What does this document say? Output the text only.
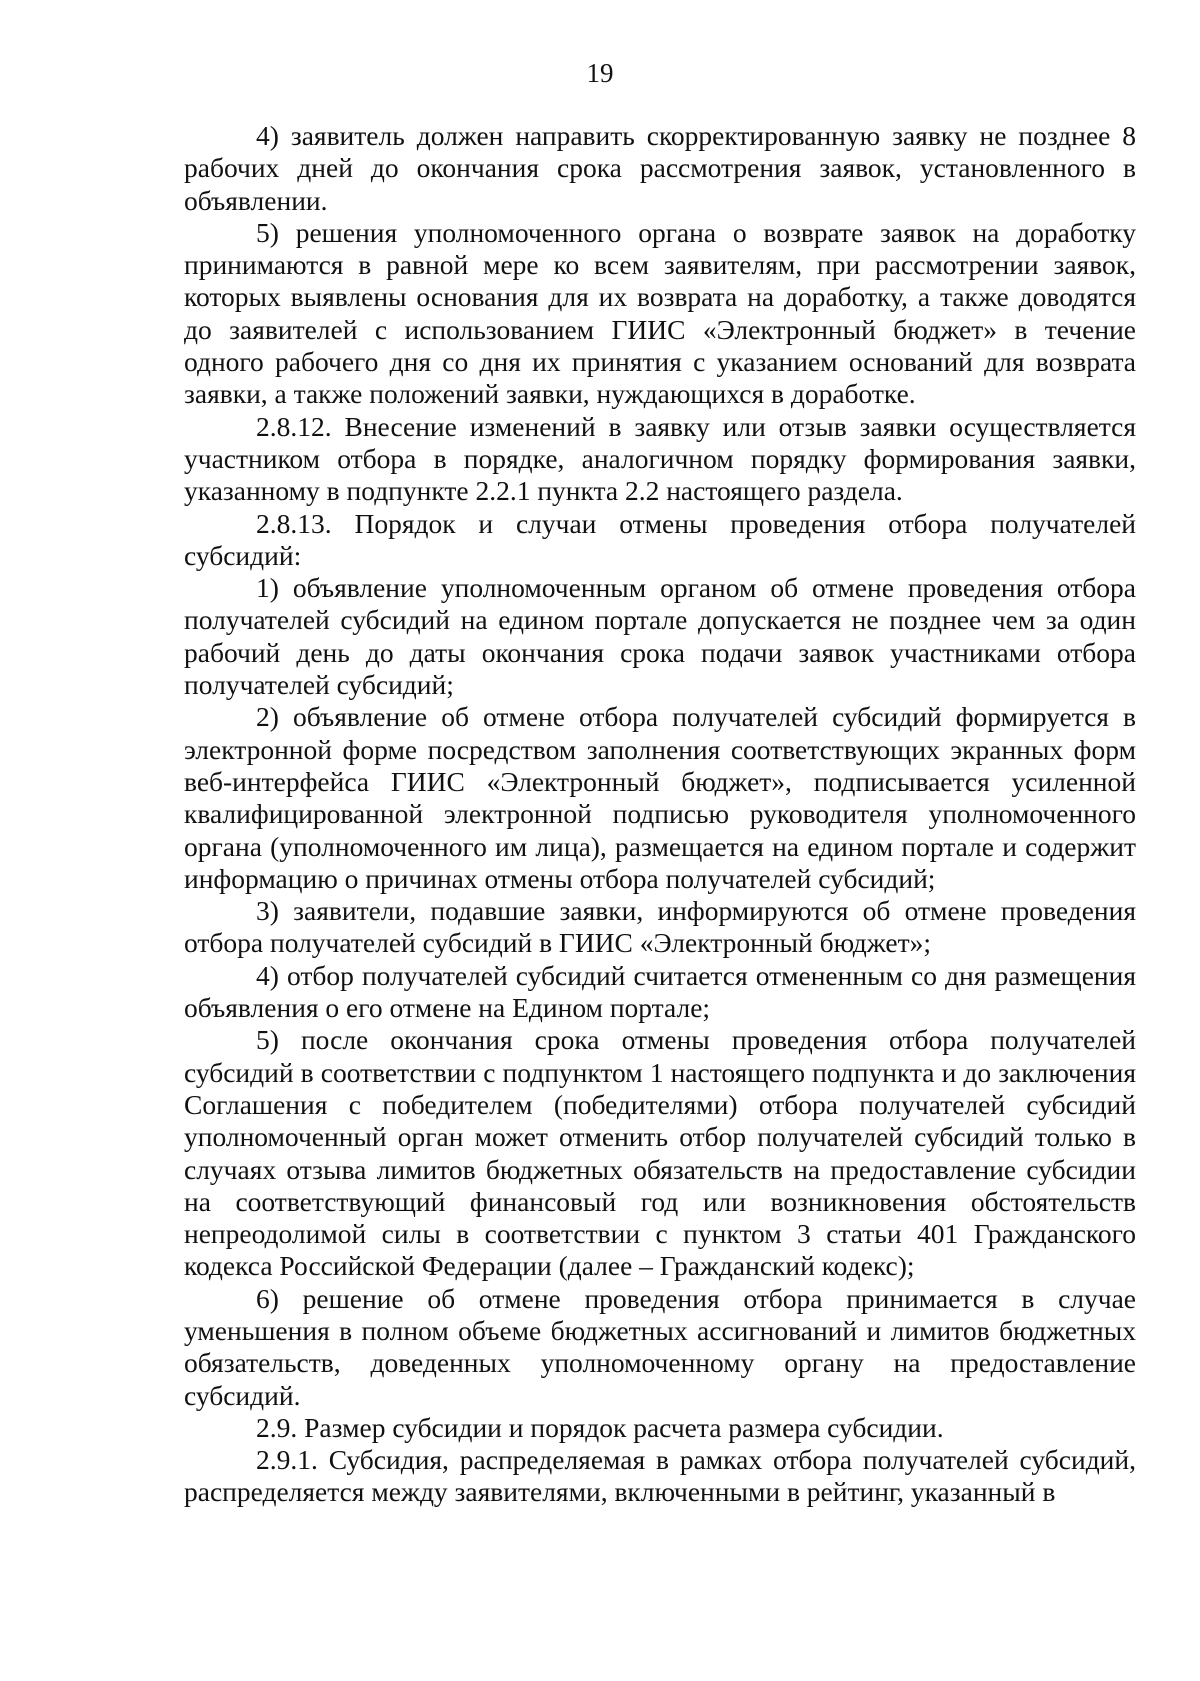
19

4) заявитель должен направить скорректированную заявку не позднее 8 рабочих дней до окончания срока рассмотрения заявок, установленного в объявлении.

5) решения уполномоченного органа о возврате заявок на доработку принимаются в равной мере ко всем заявителям, при рассмотрении заявок, которых выявлены основания для их возврата на доработку, а также доводятся до заявителей с использованием ГИИС «Электронный бюджет» в течение одного рабочего дня со дня их принятия с указанием оснований для возврата заявки, а также положений заявки, нуждающихся в доработке.

2.8.12. Внесение изменений в заявку или отзыв заявки осуществляется участником отбора в порядке, аналогичном порядку формирования заявки, указанному в подпункте 2.2.1 пункта 2.2 настоящего раздела.

2.8.13. Порядок и случаи отмены проведения отбора получателей субсидий:

1) объявление уполномоченным органом об отмене проведения отбора получателей субсидий на едином портале допускается не позднее чем за один рабочий день до даты окончания срока подачи заявок участниками отбора получателей субсидий;

2) объявление об отмене отбора получателей субсидий формируется в электронной форме посредством заполнения соответствующих экранных форм веб-интерфейса ГИИС «Электронный бюджет», подписывается усиленной квалифицированной электронной подписью руководителя уполномоченного органа (уполномоченного им лица), размещается на едином портале и содержит информацию о причинах отмены отбора получателей субсидий;

3) заявители, подавшие заявки, информируются об отмене проведения отбора получателей субсидий в ГИИС «Электронный бюджет»;

4) отбор получателей субсидий считается отмененным со дня размещения объявления о его отмене на Едином портале;

5) после окончания срока отмены проведения отбора получателей субсидий в соответствии с подпунктом 1 настоящего подпункта и до заключения Соглашения с победителем (победителями) отбора получателей субсидий уполномоченный орган может отменить отбор получателей субсидий только в случаях отзыва лимитов бюджетных обязательств на предоставление субсидии на соответствующий финансовый год или возникновения обстоятельств непреодолимой силы в соответствии с пунктом 3 статьи 401 Гражданского кодекса Российской Федерации (далее – Гражданский кодекс);

6) решение об отмене проведения отбора принимается в случае уменьшения в полном объеме бюджетных ассигнований и лимитов бюджетных обязательств, доведенных уполномоченному органу на предоставление субсидий.

2.9. Размер субсидии и порядок расчета размера субсидии.

2.9.1. Субсидия, распределяемая в рамках отбора получателей субсидий, распределяется между заявителями, включенными в рейтинг, указанный в
